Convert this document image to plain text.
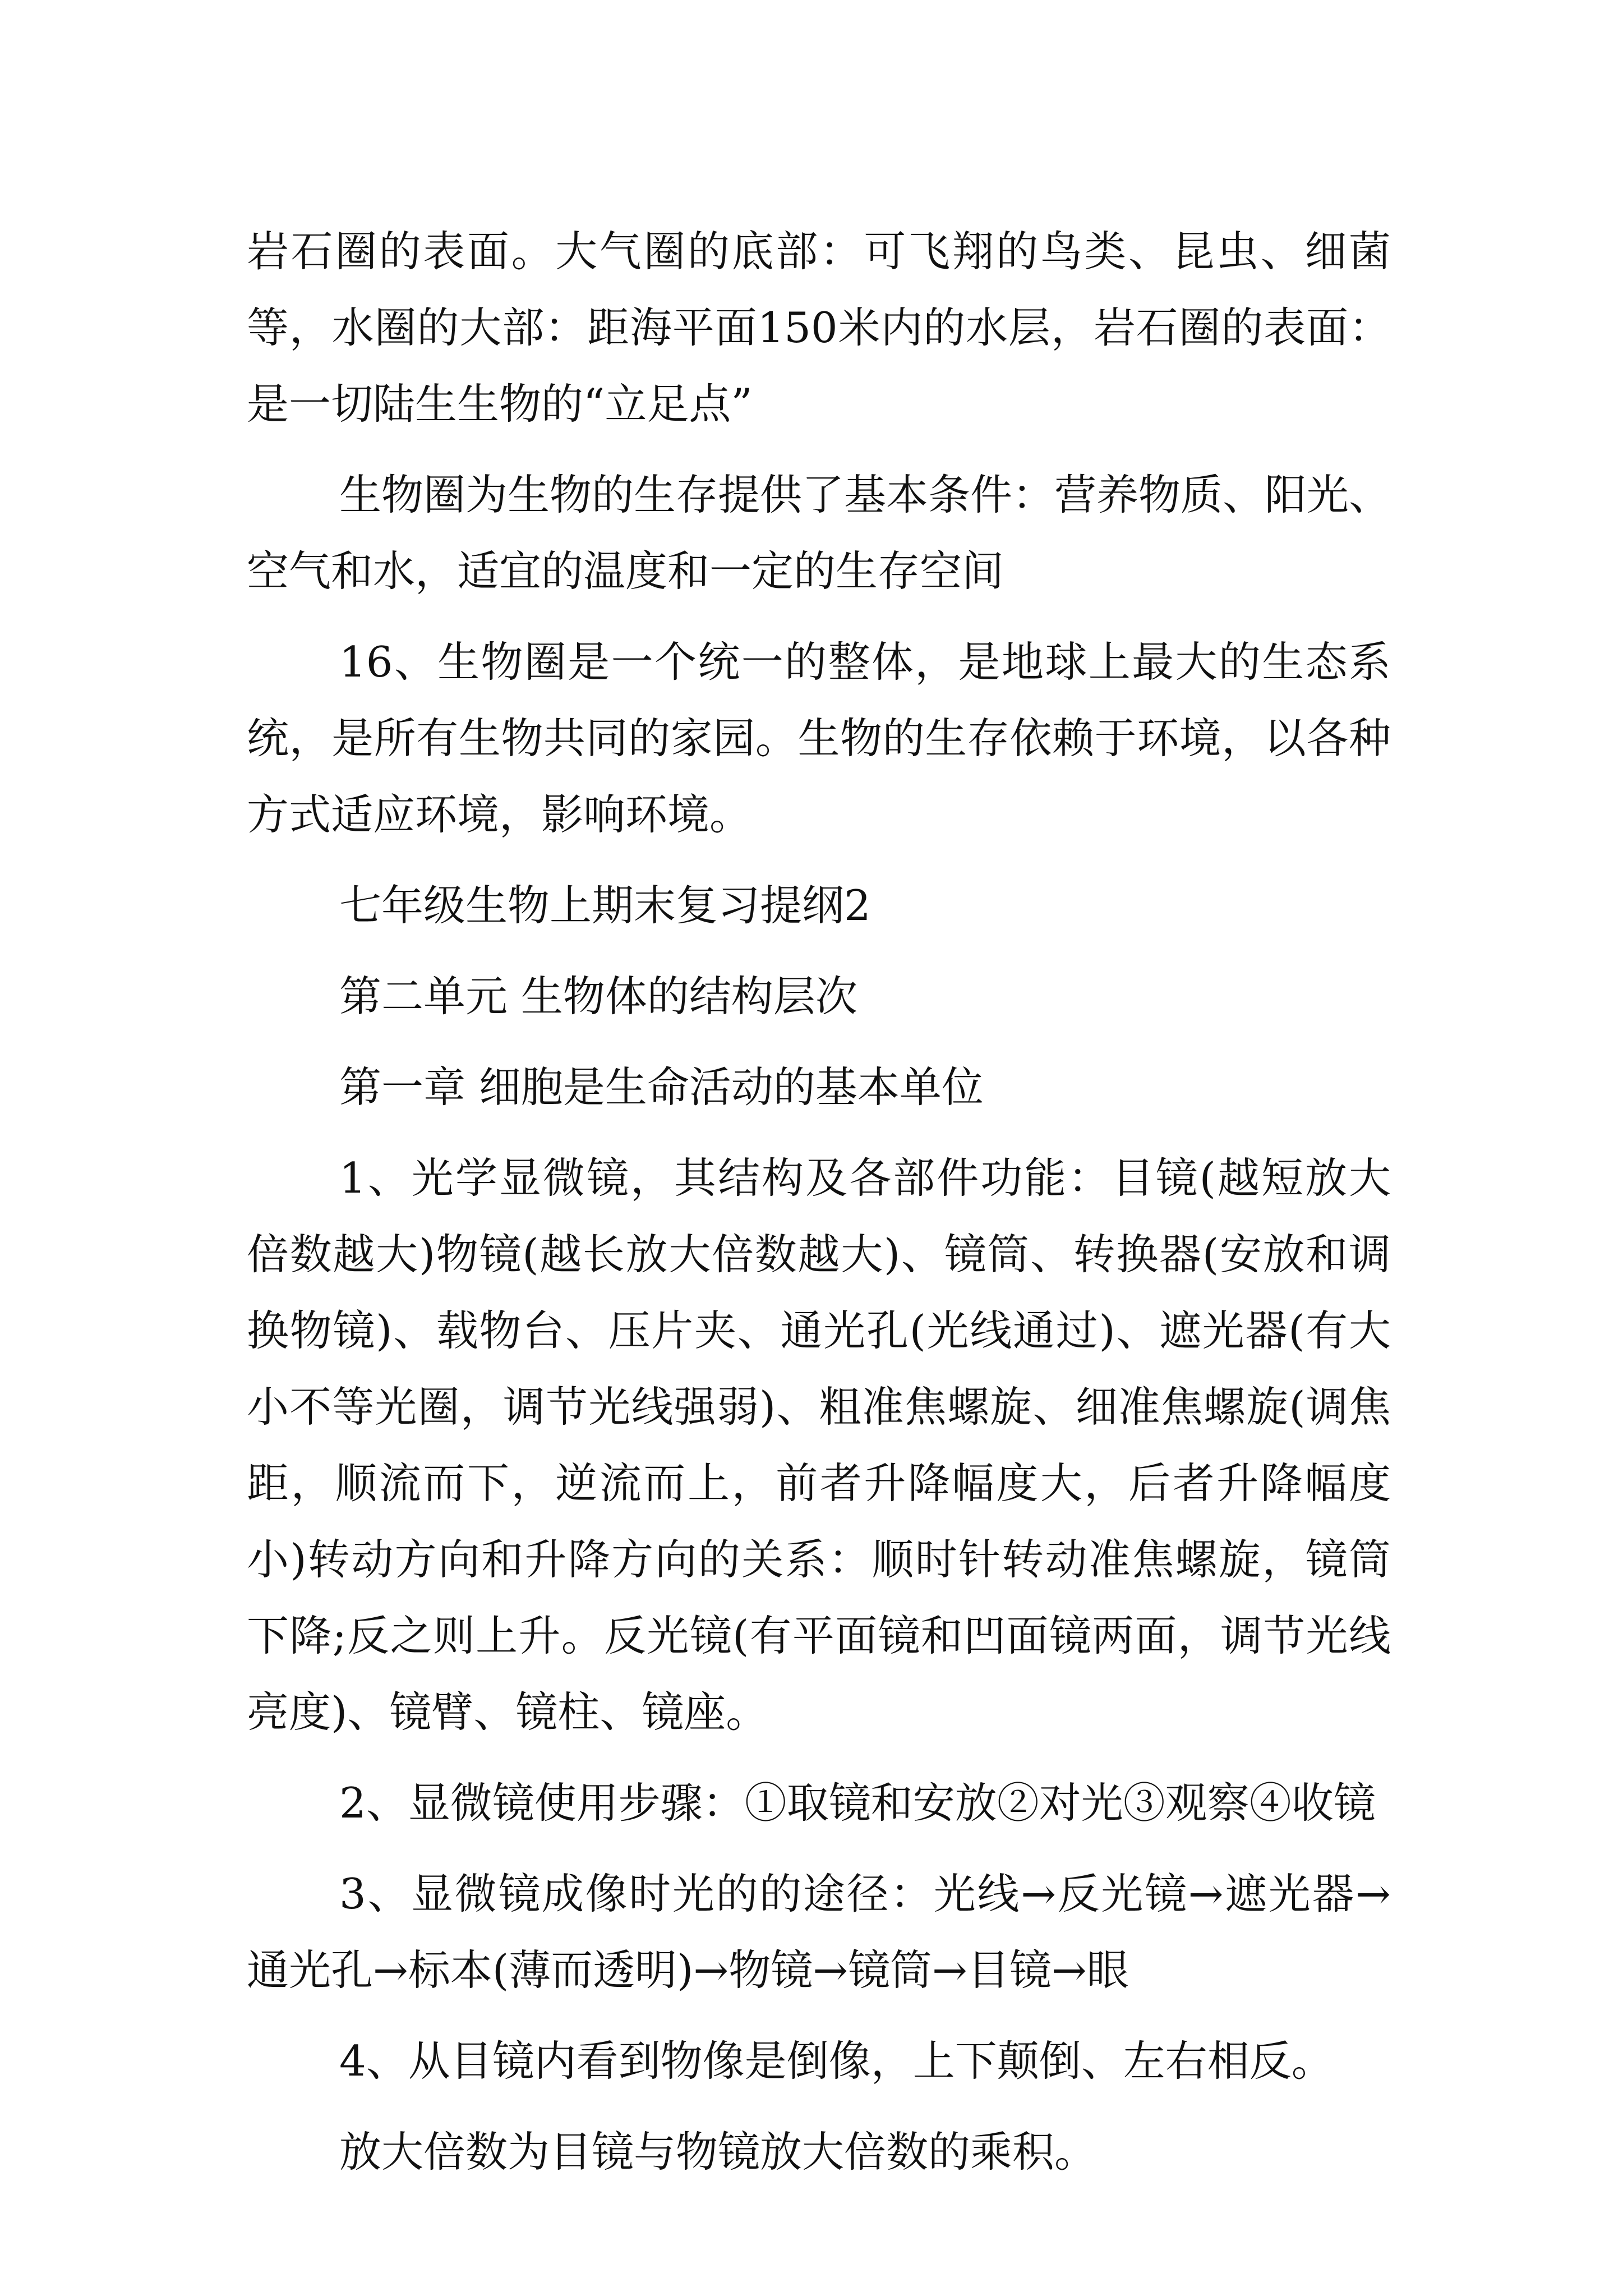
岩石圈的表面。大气圈的底部：可飞翔的鸟类、昆虫、细菌等，水圈的大部：距海平面150米内的水层，岩石圈的表面：是一切陆生生物的“立足点”

生物圈为生物的生存提供了基本条件：营养物质、阳光、空气和水，适宜的温度和一定的生存空间

16、生物圈是一个统一的整体，是地球上最大的生态系统，是所有生物共同的家园。生物的生存依赖于环境，以各种方式适应环境，影响环境。

七年级生物上期末复习提纲2

第二单元 生物体的结构层次

第一章 细胞是生命活动的基本单位

1、光学显微镜，其结构及各部件功能：目镜(越短放大倍数越大)物镜(越长放大倍数越大)、镜筒、转换器(安放和调换物镜)、载物台、压片夹、通光孔(光线通过)、遮光器(有大小不等光圈，调节光线强弱)、粗准焦螺旋、细准焦螺旋(调焦距，顺流而下，逆流而上，前者升降幅度大，后者升降幅度小)转动方向和升降方向的关系：顺时针转动准焦螺旋，镜筒下降;反之则上升。反光镜(有平面镜和凹面镜两面，调节光线亮度)、镜臂、镜柱、镜座。

2、显微镜使用步骤：①取镜和安放②对光③观察④收镜

3、显微镜成像时光的的途径：光线→反光镜→遮光器→通光孔→标本(薄而透明)→物镜→镜筒→目镜→眼

4、从目镜内看到物像是倒像，上下颠倒、左右相反。

放大倍数为目镜与物镜放大倍数的乘积。
